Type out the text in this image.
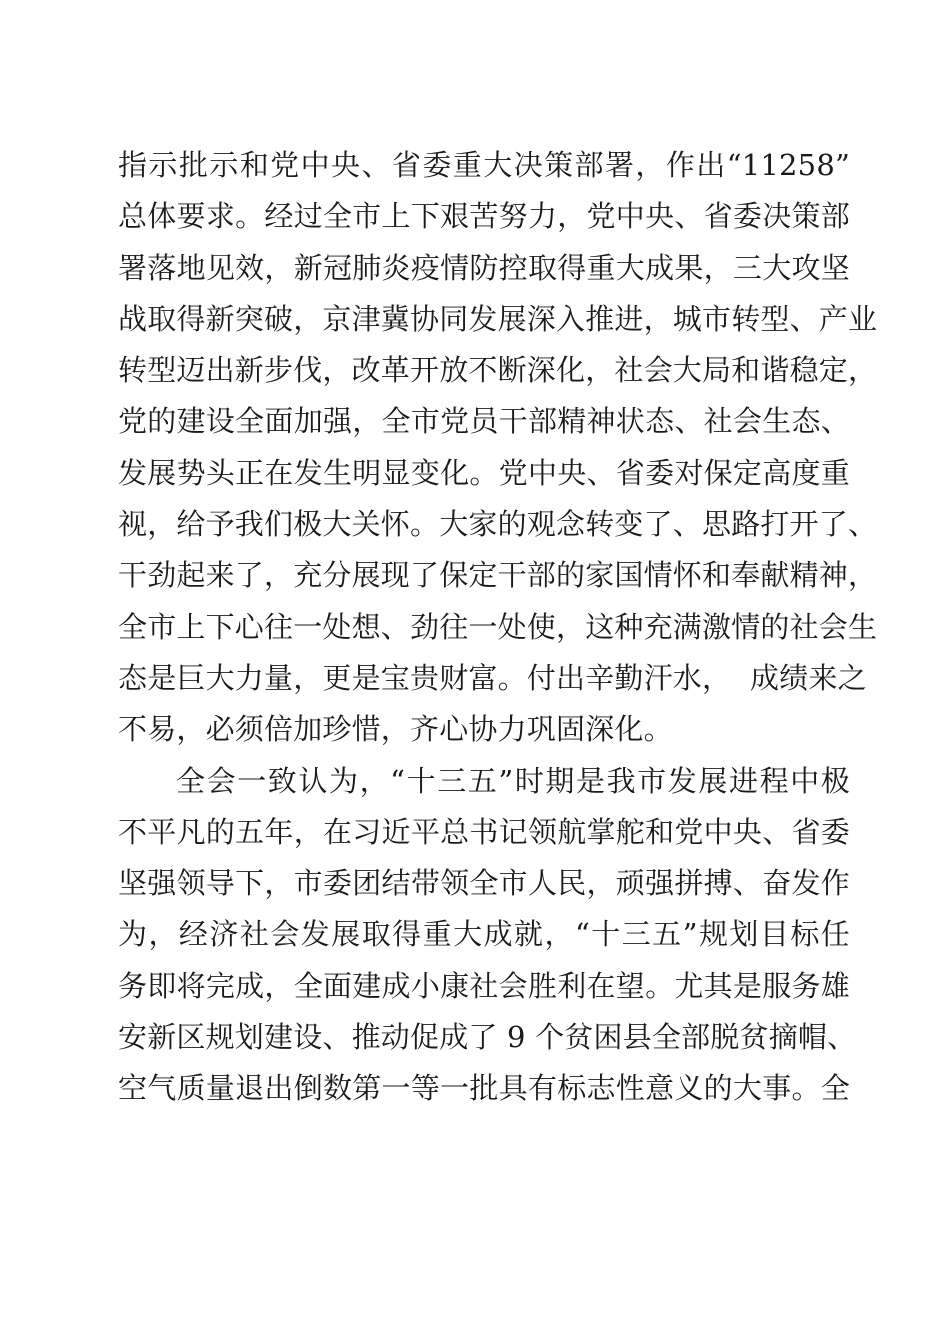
指示批示和党中央、省委重大决策部署，作出“11258”
总体要求。经过全市上下艰苦努力，党中央、省委决策部
署落地见效，新冠肺炎疫情防控取得重大成果，三大攻坚
战取得新突破，京津冀协同发展深入推进，城市转型、产业
转型迈出新步伐，改革开放不断深化，社会大局和谐稳定，
党的建设全面加强，全市党员干部精神状态、社会生态、
发展势头正在发生明显变化。党中央、省委对保定高度重
视，给予我们极大关怀。大家的观念转变了、思路打开了、
干劲起来了，充分展现了保定干部的家国情怀和奉献精神，
全市上下心往一处想、劲往一处使，这种充满激情的社会生
态是巨大力量，更是宝贵财富。付出辛勤汗水，  成绩来之
不易，必须倍加珍惜，齐心协力巩固深化。
全会一致认为，“十三五”时期是我市发展进程中极
不平凡的五年，在习近平总书记领航掌舵和党中央、省委
坚强领导下，市委团结带领全市人民，顽强拼搏、奋发作
为，经济社会发展取得重大成就，“十三五”规划目标任
务即将完成，全面建成小康社会胜利在望。尤其是服务雄
安新区规划建设、推动促成了 9 个贫困县全部脱贫摘帽、
空气质量退出倒数第一等一批具有标志性意义的大事。全
